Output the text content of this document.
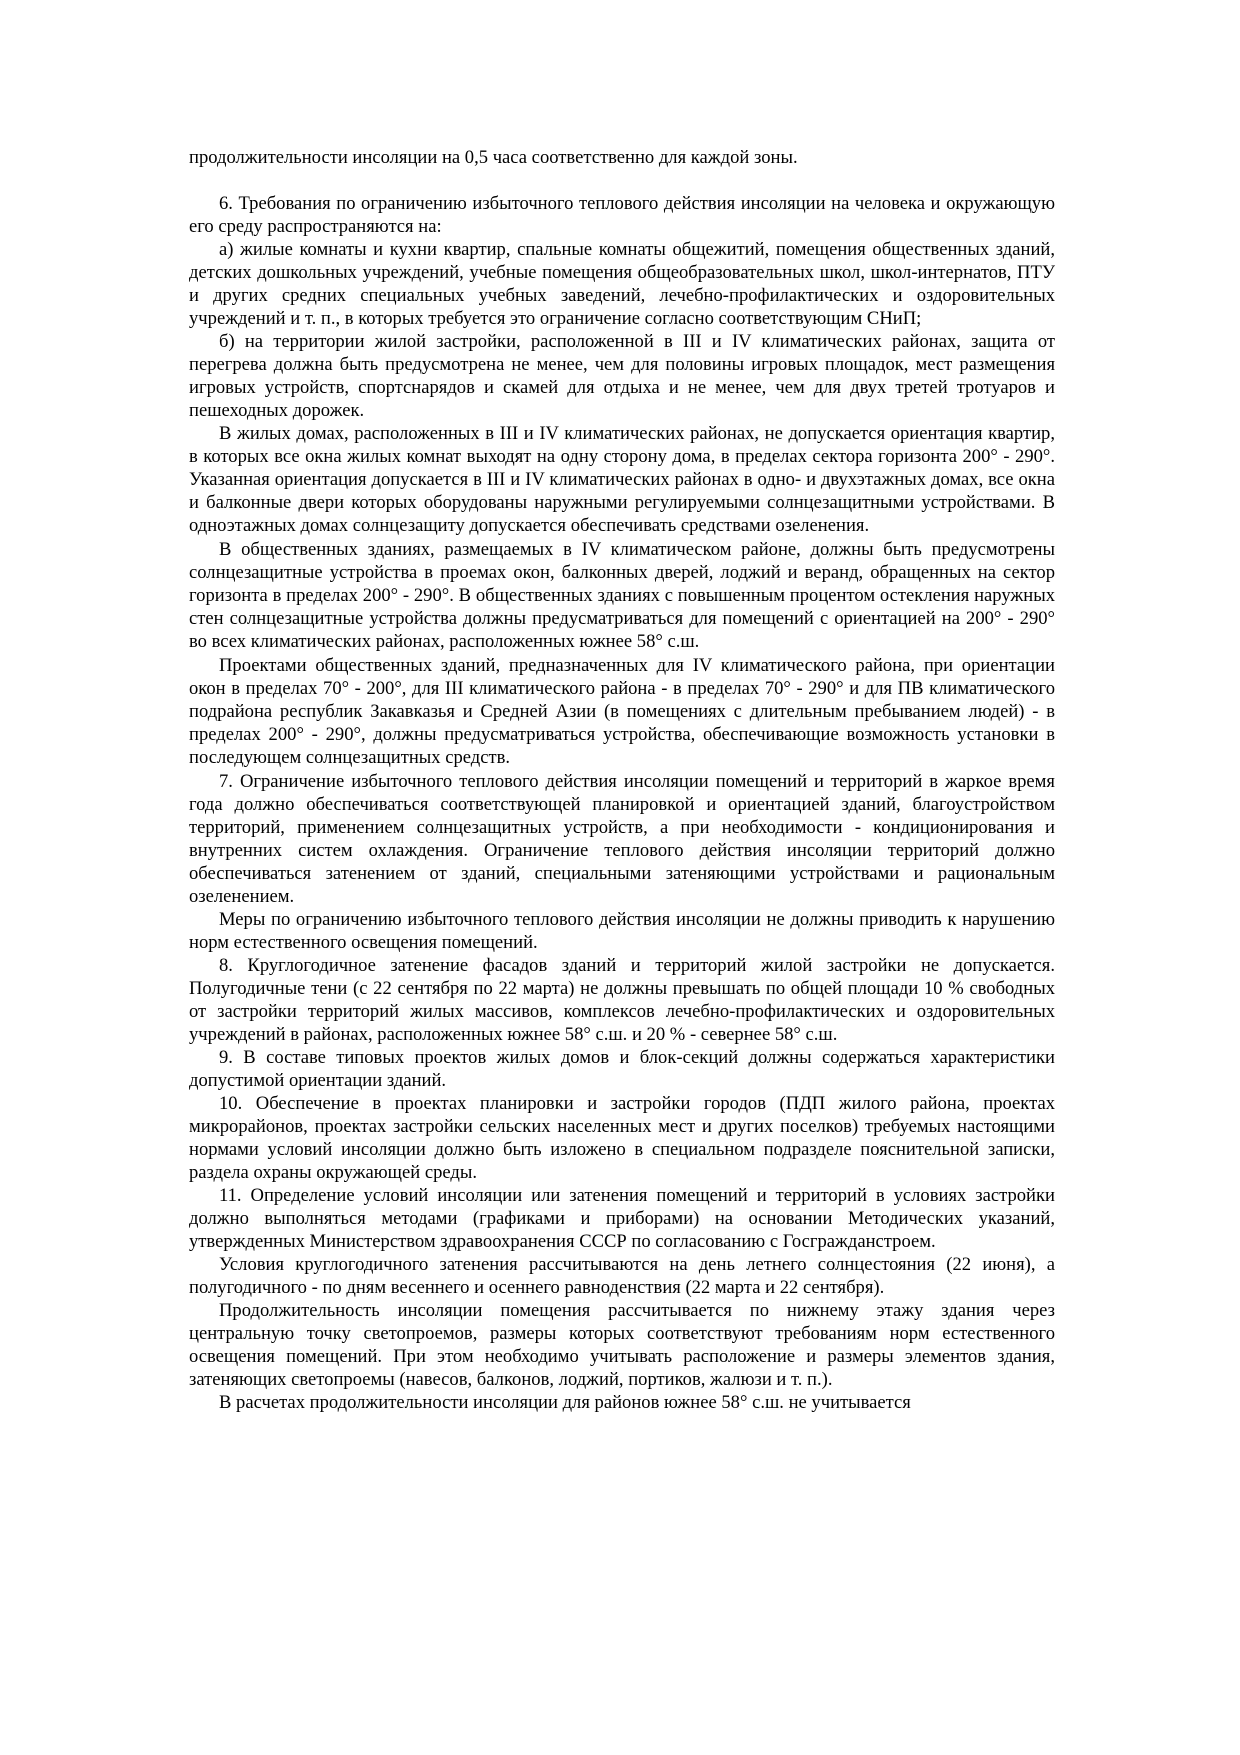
продолжительности инсоляции на 0,5 часа соответственно для каждой зоны.

6. Требования по ограничению избыточного теплового действия инсоляции на человека и окружающую его среду распространяются на:

а) жилые комнаты и кухни квартир, спальные комнаты общежитий, помещения общественных зданий, детских дошкольных учреждений, учебные помещения общеобразовательных школ, школ-интернатов, ПТУ и других средних специальных учебных заведений, лечебно-профилактических и оздоровительных учреждений и т. п., в которых требуется это ограничение согласно соответствующим СНиП;

б) на территории жилой застройки, расположенной в III и IV климатических районах, защита от перегрева должна быть предусмотрена не менее, чем для половины игровых площадок, мест размещения игровых устройств, спортснарядов и скамей для отдыха и не менее, чем для двух третей тротуаров и пешеходных дорожек.

В жилых домах, расположенных в III и IV климатических районах, не допускается ориентация квартир, в которых все окна жилых комнат выходят на одну сторону дома, в пределах сектора горизонта 200° - 290°. Указанная ориентация допускается в III и IV климатических районах в одно- и двухэтажных домах, все окна и балконные двери которых оборудованы наружными регулируемыми солнцезащитными устройствами. В одноэтажных домах солнцезащиту допускается обеспечивать средствами озеленения.

В общественных зданиях, размещаемых в IV климатическом районе, должны быть предусмотрены солнцезащитные устройства в проемах окон, балконных дверей, лоджий и веранд, обращенных на сектор горизонта в пределах 200° - 290°. В общественных зданиях с повышенным процентом остекления наружных стен солнцезащитные устройства должны предусматриваться для помещений с ориентацией на 200° - 290° во всех климатических районах, расположенных южнее 58° с.ш.

Проектами общественных зданий, предназначенных для IV климатического района, при ориентации окон в пределах 70° - 200°, для III климатического района - в пределах 70° - 290° и для ПВ климатического подрайона республик Закавказья и Средней Азии (в помещениях с длительным пребыванием людей) - в пределах 200° - 290°, должны предусматриваться устройства, обеспечивающие возможность установки в последующем солнцезащитных средств.

7. Ограничение избыточного теплового действия инсоляции помещений и территорий в жаркое время года должно обеспечиваться соответствующей планировкой и ориентацией зданий, благоустройством территорий, применением солнцезащитных устройств, а при необходимости - кондиционирования и внутренних систем охлаждения. Ограничение теплового действия инсоляции территорий должно обеспечиваться затенением от зданий, специальными затеняющими устройствами и рациональным озеленением.

Меры по ограничению избыточного теплового действия инсоляции не должны приводить к нарушению норм естественного освещения помещений.

8. Круглогодичное затенение фасадов зданий и территорий жилой застройки не допускается. Полугодичные тени (с 22 сентября по 22 марта) не должны превышать по общей площади 10 % свободных от застройки территорий жилых массивов, комплексов лечебно-профилактических и оздоровительных учреждений в районах, расположенных южнее 58° с.ш. и 20 % - севернее 58° с.ш.

9. В составе типовых проектов жилых домов и блок-секций должны содержаться характеристики допустимой ориентации зданий.

10. Обеспечение в проектах планировки и застройки городов (ПДП жилого района, проектах микрорайонов, проектах застройки сельских населенных мест и других поселков) требуемых настоящими нормами условий инсоляции должно быть изложено в специальном подразделе пояснительной записки, раздела охраны окружающей среды.

11. Определение условий инсоляции или затенения помещений и территорий в условиях застройки должно выполняться методами (графиками и приборами) на основании Методических указаний, утвержденных Министерством здравоохранения СССР по согласованию с Госгражданстроем.

Условия круглогодичного затенения рассчитываются на день летнего солнцестояния (22 июня), а полугодичного - по дням весеннего и осеннего равноденствия (22 марта и 22 сентября).

Продолжительность инсоляции помещения рассчитывается по нижнему этажу здания через центральную точку светопроемов, размеры которых соответствуют требованиям норм естественного освещения помещений. При этом необходимо учитывать расположение и размеры элементов здания, затеняющих светопроемы (навесов, балконов, лоджий, портиков, жалюзи и т. п.).

В расчетах продолжительности инсоляции для районов южнее 58° с.ш. не учитывается
